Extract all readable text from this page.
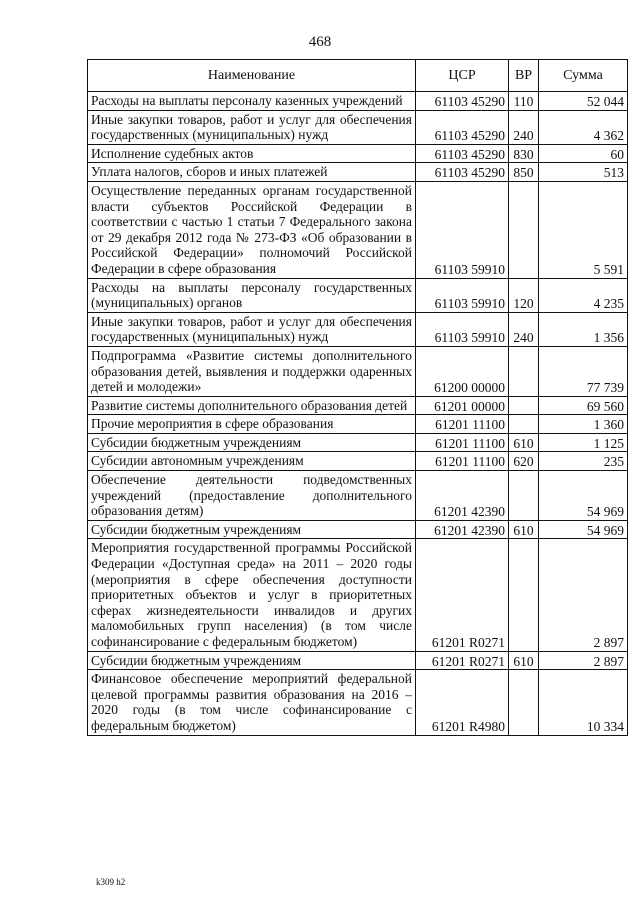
468
Наименование	ЦСР	ВР	Сумма
Расходы на выплаты персоналу казенных учреждений	61103 45290	110	52 044
Иные закупки товаров, работ и услуг для обеспечения государственных (муниципальных) нужд	61103 45290	240	4 362
Исполнение судебных актов	61103 45290	830	60
Уплата налогов, сборов и иных платежей	61103 45290	850	513
Осуществление переданных органам государственной власти субъектов Российской Федерации в соответствии с частью 1 статьи 7 Федерального закона от 29 декабря 2012 года № 273-ФЗ «Об образовании в Российской Федерации» полномочий Российской Федерации в сфере образования	61103 59910		5 591
Расходы на выплаты персоналу государственных (муниципальных) органов	61103 59910	120	4 235
Иные закупки товаров, работ и услуг для обеспечения государственных (муниципальных) нужд	61103 59910	240	1 356
Подпрограмма «Развитие системы дополнительного образования детей, выявления и поддержки одаренных детей и молодежи»	61200 00000		77 739
Развитие системы дополнительного образования детей	61201 00000		69 560
Прочие мероприятия в сфере образования	61201 11100		1 360
Субсидии бюджетным учреждениям	61201 11100	610	1 125
Субсидии автономным учреждениям	61201 11100	620	235
Обеспечение деятельности подведомственных учреждений (предоставление дополнительного образования детям)	61201 42390		54 969
Субсидии бюджетным учреждениям	61201 42390	610	54 969
Мероприятия государственной программы Российской Федерации «Доступная среда» на 2011 – 2020 годы (мероприятия в сфере обеспечения доступности приоритетных объектов и услуг в приоритетных сферах жизнедеятельности инвалидов и других маломобильных групп населения) (в том числе софинансирование с федеральным бюджетом)	61201 R0271		2 897
Субсидии бюджетным учреждениям	61201 R0271	610	2 897
Финансовое обеспечение мероприятий федеральной целевой программы развития образования на 2016 – 2020 годы (в том числе софинансирование с федеральным бюджетом)	61201 R4980		10 334
k309 h2
